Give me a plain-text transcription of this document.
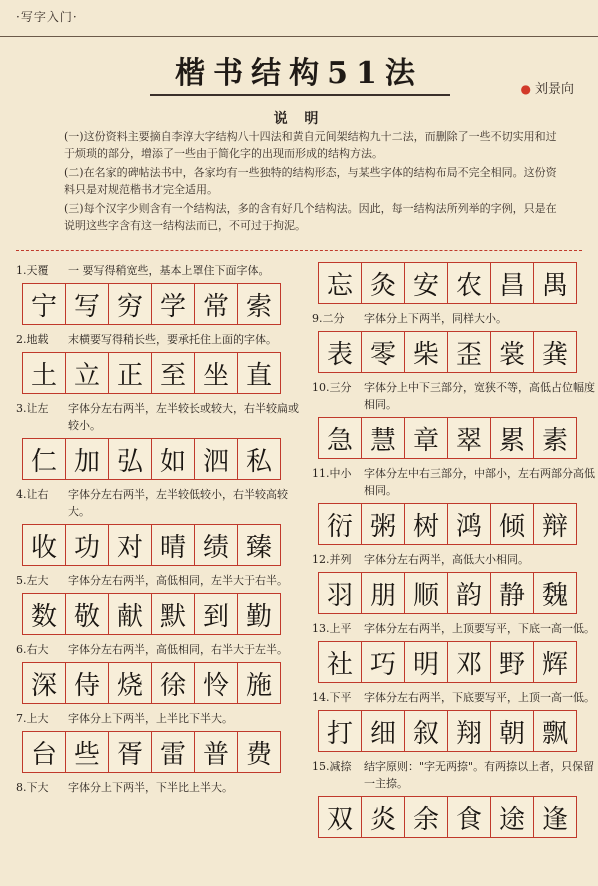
·写字入门·
楷书结构51法	● 刘景向
说 明

(一)这份资料主要摘自李淳大字结构八十四法和黄自元间架结构九十二法，而删除了一些不切实用和过于烦琐的部分，增添了一些由于简化字的出现而形成的结构方法。

(二)在名家的碑帖法书中，各家均有一些独特的结构形态，与某些字体的结构布局不完全相同。这份资料只是对规范楷书才完全适用。

(三)每个汉字少则含有一个结构法，多的含有好几个结构法。因此，每一结构法所列举的字例，只是在说明这些字含有这一结构法而已，不可过于拘泥。

1.天覆	一 要写得稍宽些，基本上罩住下面字体。
宁 写 穷 学 常 索
2.地载	末横要写得稍长些，要承托住上面的字体。
土 立 正 至 坐 直
3.让左	字体分左右两半，左半较长或较大，右半较扁或较小。
仁 加 弘 如 泗 私
4.让右	字体分左右两半，左半较低较小，右半较高较大。
收 功 对 晴 绩 臻
5.左大	字体分左右两半，高低相同，左半大于右半。
数 敬 献 默 到 勤
6.右大	字体分左右两半，高低相同，右半大于左半。
深 侍 烧 徐 怜 施
7.上大	字体分上下两半，上半比下半大。
台 些 胥 雷 普 费
8.下大	字体分上下两半，下半比上半大。
忘 灸 安 农 昌 禺
9.二分	字体分上下两半，同样大小。
表 零 柴 歪 裳 龚
10.三分	字体分上中下三部分，宽狭不等，高低占位幅度相同。
急 慧 章 翠 累 素
11.中小	字体分左中右三部分，中部小，左右两部分高低相同。
衍 粥 树 鸿 倾 辩
12.并列	字体分左右两半，高低大小相同。
羽 朋 顺 韵 静 魏
13.上平	字体分左右两半，上顶要写平，下底一高一低。
社 巧 明 邓 野 辉
14.下平	字体分左右两半，下底要写平，上顶一高一低。
打 细 叙 翔 朝 飘
15.减捺	结字原则："字无两捺"。有两捺以上者，只保留一主捺。
双 炎 余 食 途 逢
